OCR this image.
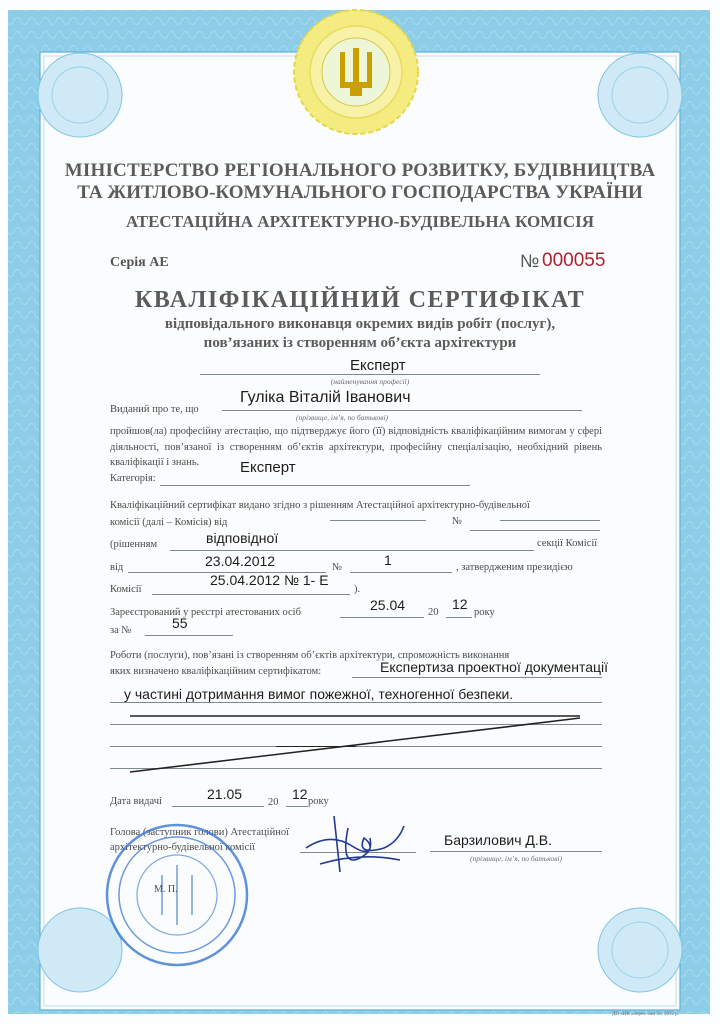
МІНІСТЕРСТВО РЕГІОНАЛЬНОГО РОЗВИТКУ, БУДІВНИЦТВА
ТА ЖИТЛОВО-КОМУНАЛЬНОГО ГОСПОДАРСТВА УКРАЇНИ
АТЕСТАЦІЙНА АРХІТЕКТУРНО-БУДІВЕЛЬНА КОМІСІЯ
Серія АЕ	№ 000055
КВАЛІФІКАЦІЙНИЙ СЕРТИФІКАТ
відповідального виконавця окремих видів робіт (послуг),
пов’язаних із створенням об’єкта архітектури
Експерт
(найменування професії)
Виданий про те, що
Гуліка Віталій Іванович
(прізвище, ім’я, по батькові)
пройшов(ла) професійну атестацію, що підтверджує його (її) відповідність кваліфікаційним вимогам у сфері діяльності, пов’язаної із створенням об’єктів архітектури, професійну спеціалізацію, необхідний рівень кваліфікації і знань.
Категорія:
Експерт
Кваліфікаційний сертифікат видано згідно з рішенням Атестаційної архітектурно-будівельної
комісії (далі – Комісія) від	№
(рішенням	відповідної	секції Комісії
від	23.04.2012	№	1	, затвердженим президією
Комісії
25.04.2012 № 1- Е
).
Зареєстрований у реєстрі атестованих осіб	25.04 20
12
року
за №	55
Роботи (послуги), пов’язані із створенням об’єктів архітектури, спроможність виконання
яких визначено кваліфікаційним сертифікатом:	Експертиза проектної документації
у частині дотримання вимог пожежної, техногенної безпеки.
Дата видачі	21.05
20
12 року
Голова (заступник голови) Атестаційної
архітектурно-будівельної комісії	Барзилович Д.В.
(прізвище, ім’я, по батькові)
М. П.
ДП «НК «Зорн» Зам 50, 2012 р.
